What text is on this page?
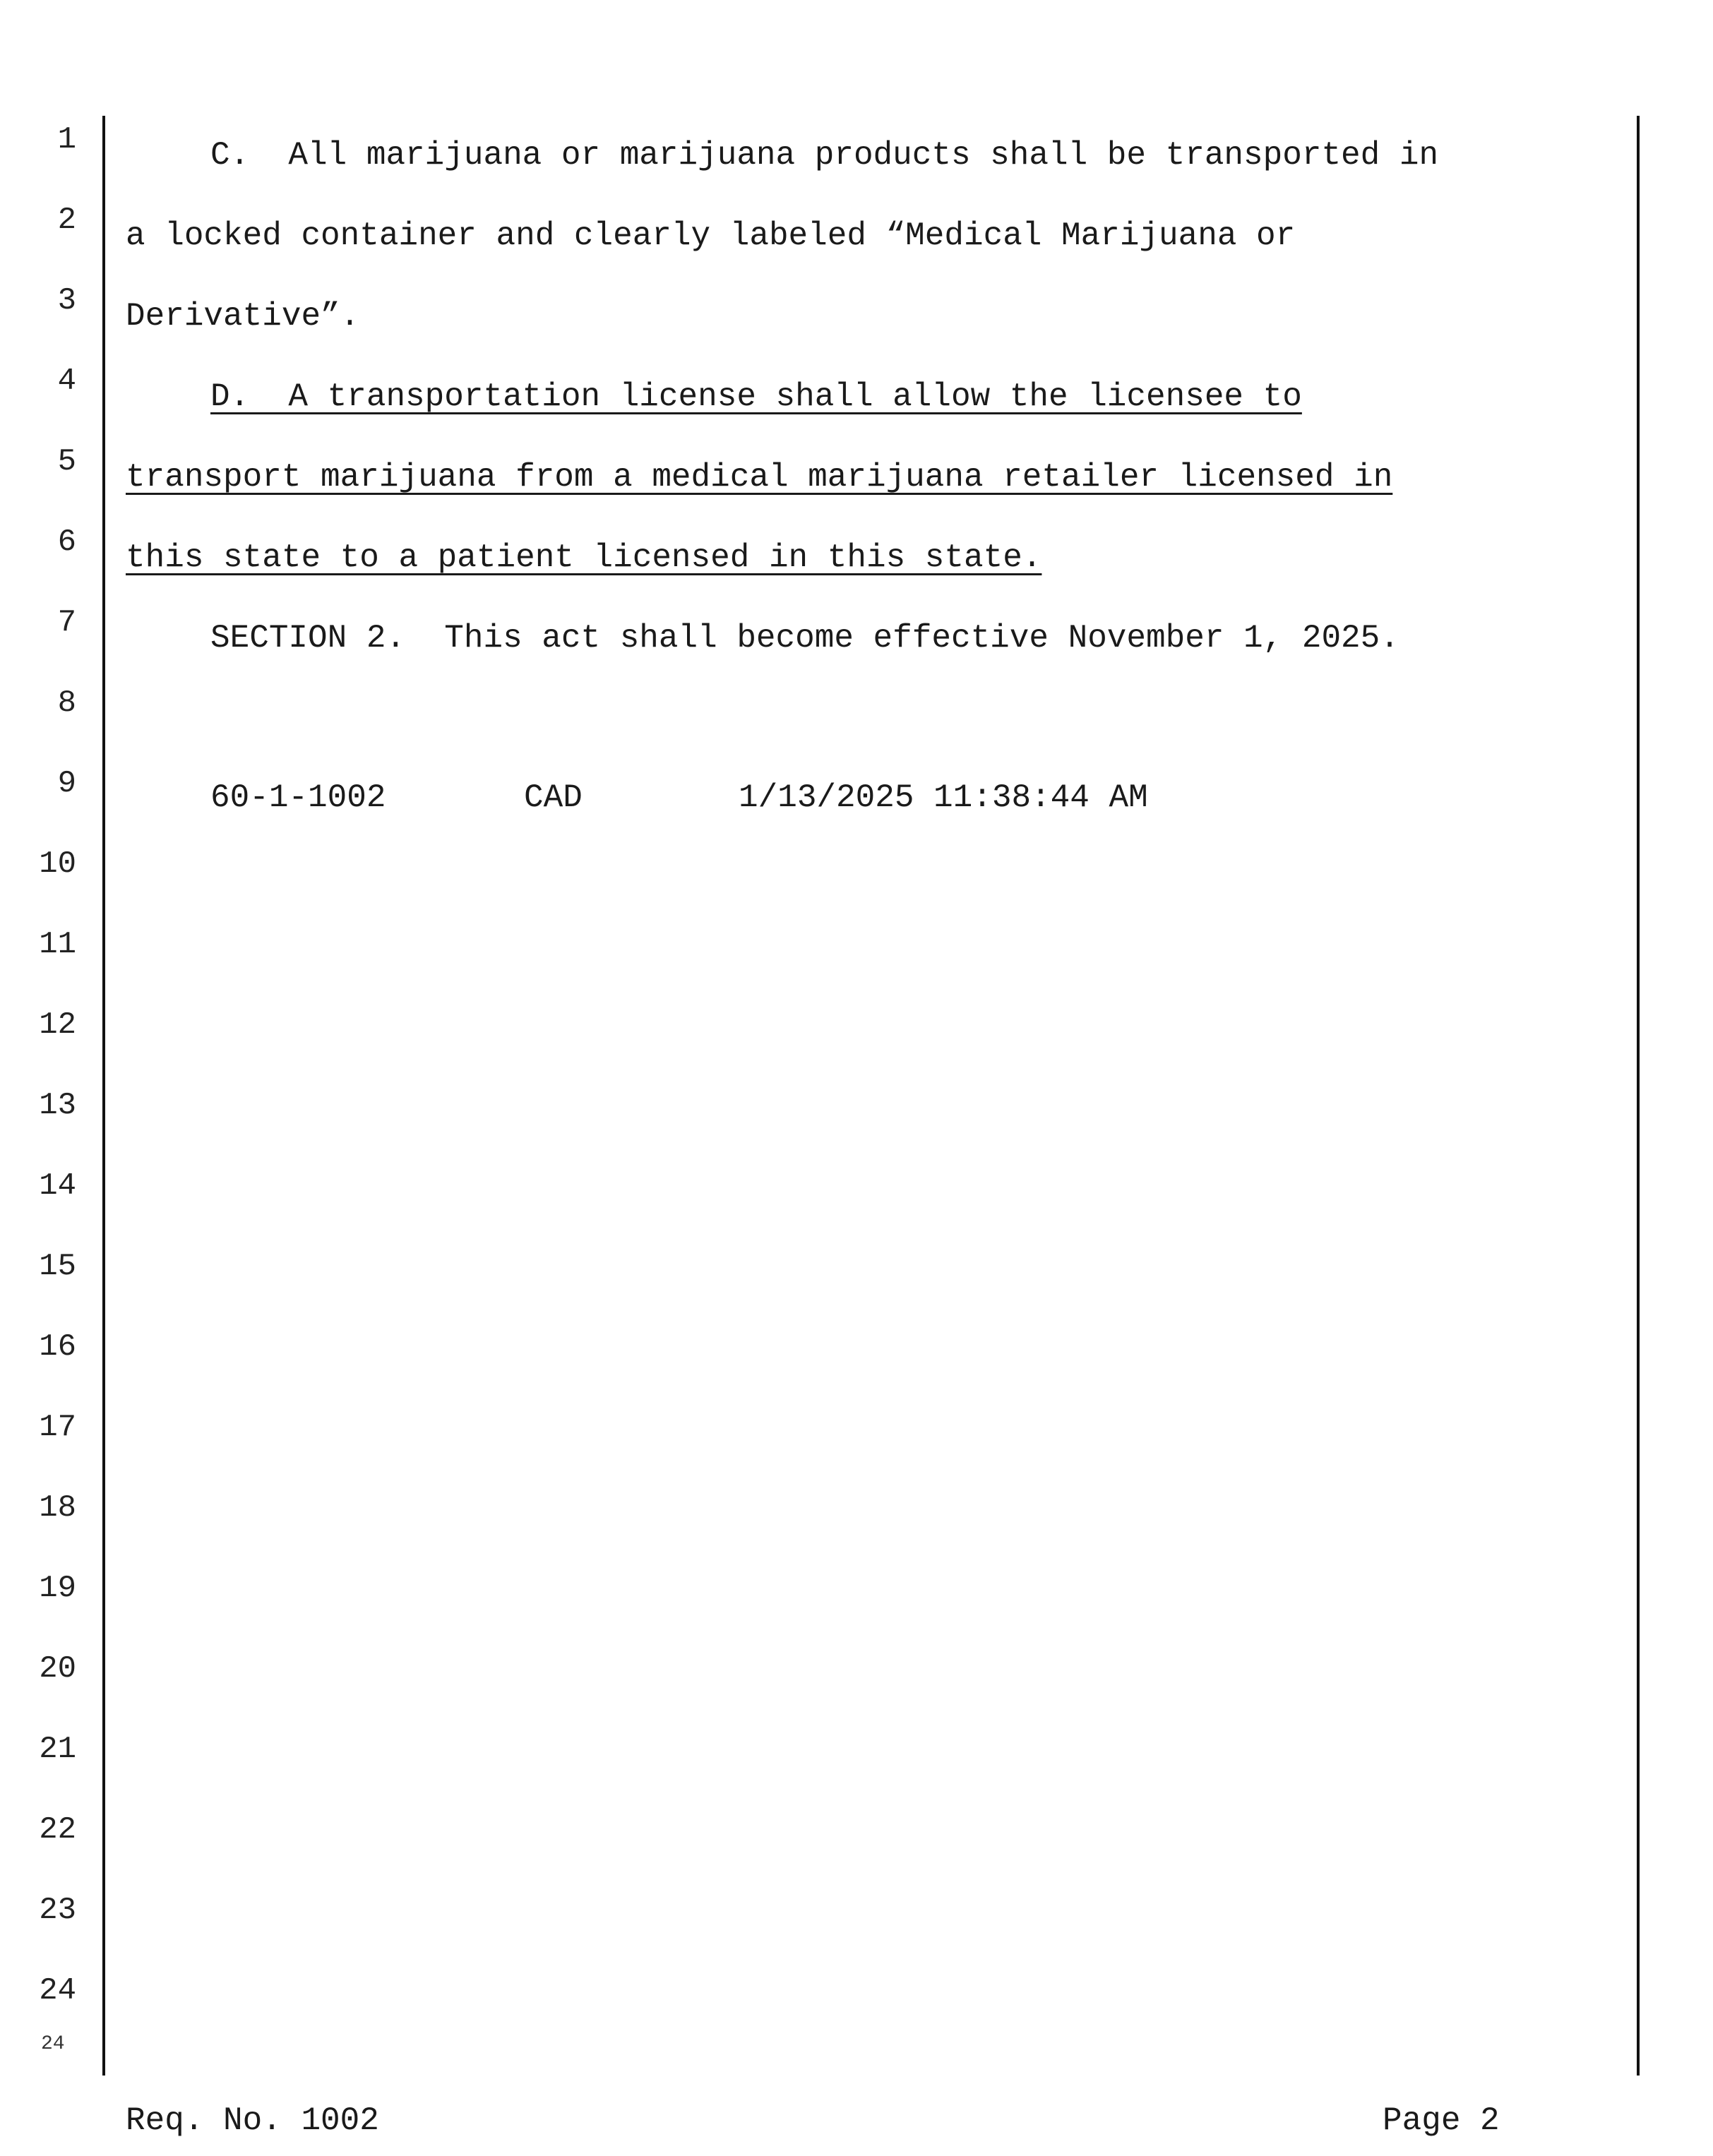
1
2
3
4
5
6
7
8
9
10
11
12
13
14
15
16
17
18
19
20
21
22
23
24
24
C.  All marijuana or marijuana products shall be transported in
a locked container and clearly labeled “Medical Marijuana or
Derivative”.
D.  A transportation license shall allow the licensee to
transport marijuana from a medical marijuana retailer licensed in
this state to a patient licensed in this state.
SECTION 2.  This act shall become effective November 1, 2025.
60-1-1002	CAD	1/13/2025 11:38:44 AM
Req. No. 1002	Page 2
